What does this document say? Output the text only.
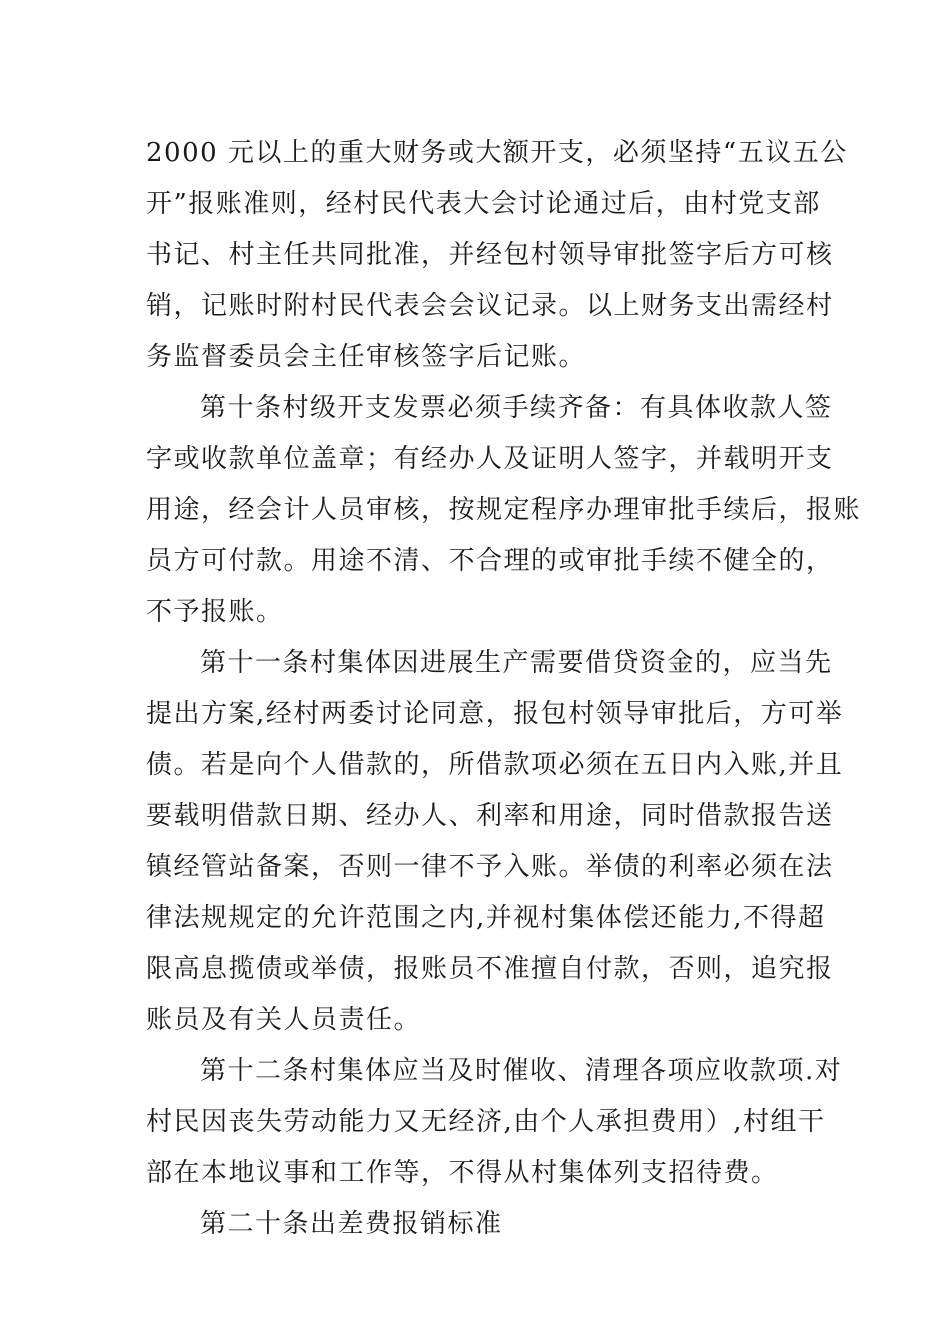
2000 元以上的重大财务或大额开支，必须坚持“五议五公
开”报账准则，经村民代表大会讨论通过后，由村党支部
书记、村主任共同批准，并经包村领导审批签字后方可核
销，记账时附村民代表会会议记录。以上财务支出需经村
务监督委员会主任审核签字后记账。
第十条村级开支发票必须手续齐备：有具体收款人签
字或收款单位盖章；有经办人及证明人签字，并载明开支
用途，经会计人员审核，按规定程序办理审批手续后，报账
员方可付款。用途不清、不合理的或审批手续不健全的，
不予报账。
第十一条村集体因进展生产需要借贷资金的，应当先
提出方案,经村两委讨论同意，报包村领导审批后，方可举
债。若是向个人借款的，所借款项必须在五日内入账,并且
要载明借款日期、经办人、利率和用途，同时借款报告送
镇经管站备案，否则一律不予入账。举债的利率必须在法
律法规规定的允许范围之内,并视村集体偿还能力,不得超
限高息揽债或举债，报账员不准擅自付款，否则，追究报
账员及有关人员责任。
第十二条村集体应当及时催收、清理各项应收款项.对
村民因丧失劳动能力又无经济,由个人承担费用）,村组干
部在本地议事和工作等，不得从村集体列支招待费。
第二十条出差费报销标准
